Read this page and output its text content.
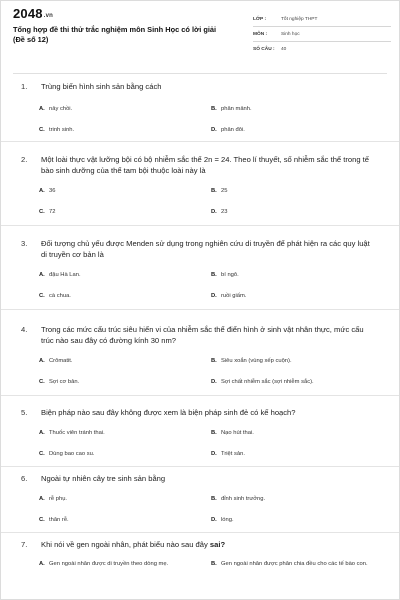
2048.vn
Tổng hợp đề thi thử trắc nghiệm môn Sinh Học có lời giải (Đề số 12)
LỚP :	Tốt nghiệp THPT
MÔN :	Sinh học
SỐ CÂU :	40
1.	Trùng biến hình sinh sản bằng cách
A. nảy chồi.	B. phân mảnh.
C. trinh sinh.	D. phân đôi.
2.	Một loài thực vật lưỡng bội có bộ nhiễm sắc thể 2n = 24. Theo lí thuyết, số nhiễm sắc thể trong tế bào sinh dưỡng của thể tam bội thuộc loài này là
A. 36	B. 25
C. 72	D. 23
3.	Đối tượng chủ yếu được Menden sử dụng trong nghiên cứu di truyền để phát hiện ra các quy luật di truyền cơ bản là
A. đậu Hà Lan.	B. bí ngô.
C. cà chua.	D. ruồi giấm.
4.	Trong các mức cấu trúc siêu hiển vi của nhiễm sắc thể điển hình ở sinh vật nhân thực, mức cấu trúc nào sau đây có đường kính 30 nm?
A. Crômatit.	B. Siêu xoắn (vùng xếp cuộn).
C. Sợi cơ bản.	D. Sợi chất nhiễm sắc (sợi nhiễm sắc).
5.	Biện pháp nào sau đây không được xem là biện pháp sinh đẻ có kế hoạch?
A. Thuốc viên tránh thai.	B. Nạo hút thai.
C. Dùng bao cao su.	D. Triệt sản.
6.	Ngoài tự nhiên cây tre sinh sản bằng
A. rễ phụ.	B. đỉnh sinh trưởng.
C. thân rễ.	D. lóng.
7.	Khi nói về gen ngoài nhân, phát biểu nào sau đây sai?
A. Gen ngoài nhân được di truyền theo dòng mẹ.	B. Gen ngoài nhân được phân chia đều cho các tế bào con.
